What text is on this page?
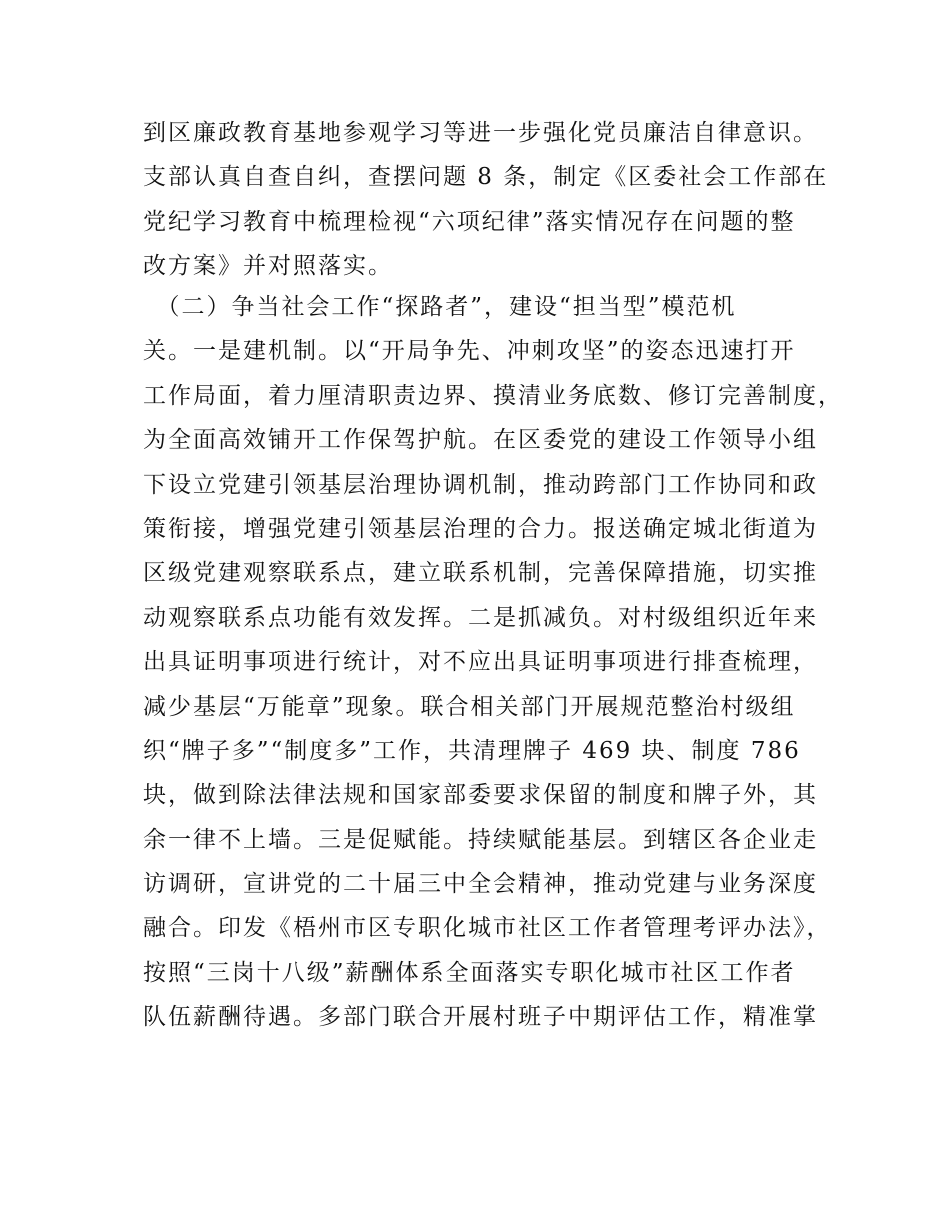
到区廉政教育基地参观学习等进一步强化党员廉洁自律意识。
支部认真自查自纠，查摆问题 8 条，制定《区委社会工作部在
党纪学习教育中梳理检视“六项纪律”落实情况存在问题的整
改方案》并对照落实。
　（二）争当社会工作“探路者”，建设“担当型”模范机
关。一是建机制。以“开局争先、冲刺攻坚”的姿态迅速打开
工作局面，着力厘清职责边界、摸清业务底数、修订完善制度，
为全面高效铺开工作保驾护航。在区委党的建设工作领导小组
下设立党建引领基层治理协调机制，推动跨部门工作协同和政
策衔接，增强党建引领基层治理的合力。报送确定城北街道为
区级党建观察联系点，建立联系机制，完善保障措施，切实推
动观察联系点功能有效发挥。二是抓减负。对村级组织近年来
出具证明事项进行统计，对不应出具证明事项进行排查梳理，
减少基层“万能章”现象。联合相关部门开展规范整治村级组
织“牌子多”“制度多”工作，共清理牌子 469 块、制度 786
块，做到除法律法规和国家部委要求保留的制度和牌子外，其
余一律不上墙。三是促赋能。持续赋能基层。到辖区各企业走
访调研，宣讲党的二十届三中全会精神，推动党建与业务深度
融合。印发《梧州市区专职化城市社区工作者管理考评办法》，
按照“三岗十八级”薪酬体系全面落实专职化城市社区工作者
队伍薪酬待遇。多部门联合开展村班子中期评估工作，精准掌
